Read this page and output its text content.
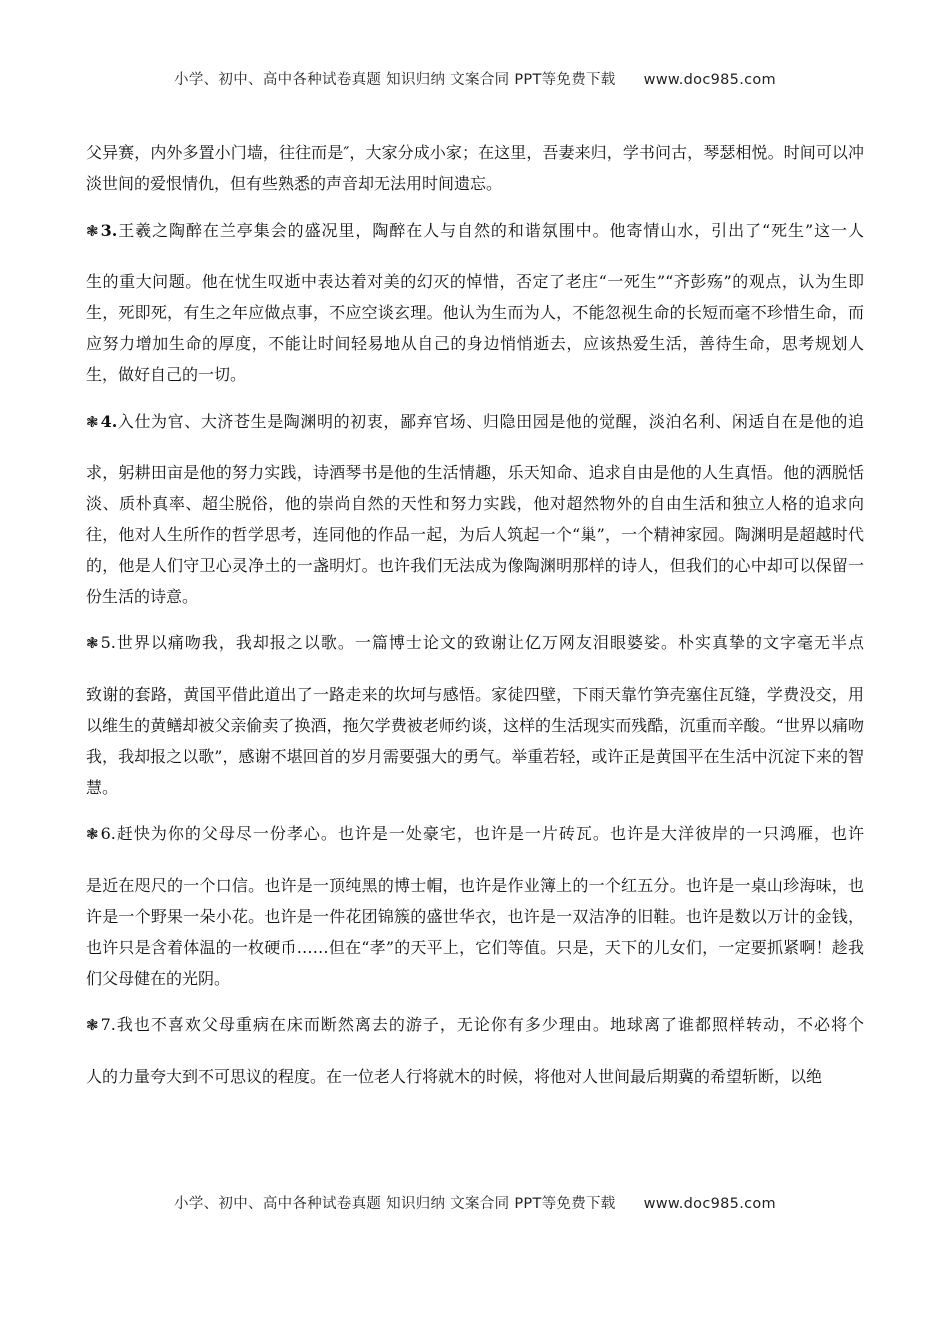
小学、初中、高中各种试卷真题 知识归纳 文案合同 PPT等免费下载 www.doc985.com

父异赛，内外多置小门墙，往往而是″，大家分成小家；在这里，吾妻来归，学书问古，琴瑟相悦。时间可以冲淡世间的爱恨情仇，但有些熟悉的声音却无法用时间遗忘。

❃ 3.王羲之陶醉在兰亭集会的盛况里，陶醉在人与自然的和谐氛围中。他寄情山水，引出了“死生”这一人
生的重大问题。他在忧生叹逝中表达着对美的幻灭的悼惜，否定了老庄“一死生”“齐彭殇”的观点，认为生即生，死即死，有生之年应做点事，不应空谈玄理。他认为生而为人，不能忽视生命的长短而毫不珍惜生命，而应努力增加生命的厚度，不能让时间轻易地从自己的身边悄悄逝去，应该热爱生活，善待生命，思考规划人生，做好自己的一切。

❃ 4.入仕为官、大济苍生是陶渊明的初衷，鄙弃官场、归隐田园是他的觉醒，淡泊名利、闲适自在是他的追
求，躬耕田亩是他的努力实践，诗酒琴书是他的生活情趣，乐天知命、追求自由是他的人生真悟。他的洒脱恬淡、质朴真率、超尘脱俗，他的崇尚自然的天性和努力实践，他对超然物外的自由生活和独立人格的追求向往，他对人生所作的哲学思考，连同他的作品一起，为后人筑起一个“巢”，一个精神家园。陶渊明是超越时代的，他是人们守卫心灵净土的一盏明灯。也许我们无法成为像陶渊明那样的诗人，但我们的心中却可以保留一份生活的诗意。

❃ 5.世界以痛吻我，我却报之以歌。一篇博士论文的致谢让亿万网友泪眼婆娑。朴实真挚的文字毫无半点
致谢的套路，黄国平借此道出了一路走来的坎坷与感悟。家徒四壁，下雨天靠竹笋壳塞住瓦缝，学费没交，用以维生的黄鳝却被父亲偷卖了换酒，拖欠学费被老师约谈，这样的生活现实而残酷，沉重而辛酸。“世界以痛吻我，我却报之以歌”，感谢不堪回首的岁月需要强大的勇气。举重若轻，或许正是黄国平在生活中沉淀下来的智慧。

❃ 6.赶快为你的父母尽一份孝心。也许是一处豪宅，也许是一片砖瓦。也许是大洋彼岸的一只鸿雁，也许
是近在咫尺的一个口信。也许是一顶纯黑的博士帽，也许是作业簿上的一个红五分。也许是一桌山珍海味，也许是一个野果一朵小花。也许是一件花团锦簇的盛世华衣，也许是一双洁净的旧鞋。也许是数以万计的金钱，也许只是含着体温的一枚硬币……但在“孝”的天平上，它们等值。只是，天下的儿女们，一定要抓紧啊！趁我们父母健在的光阴。

❃ 7.我也不喜欢父母重病在床而断然离去的游子，无论你有多少理由。地球离了谁都照样转动，不必将个
人的力量夸大到不可思议的程度。在一位老人行将就木的时候，将他对人世间最后期冀的希望斩断，以绝

小学、初中、高中各种试卷真题 知识归纳 文案合同 PPT等免费下载 www.doc985.com
